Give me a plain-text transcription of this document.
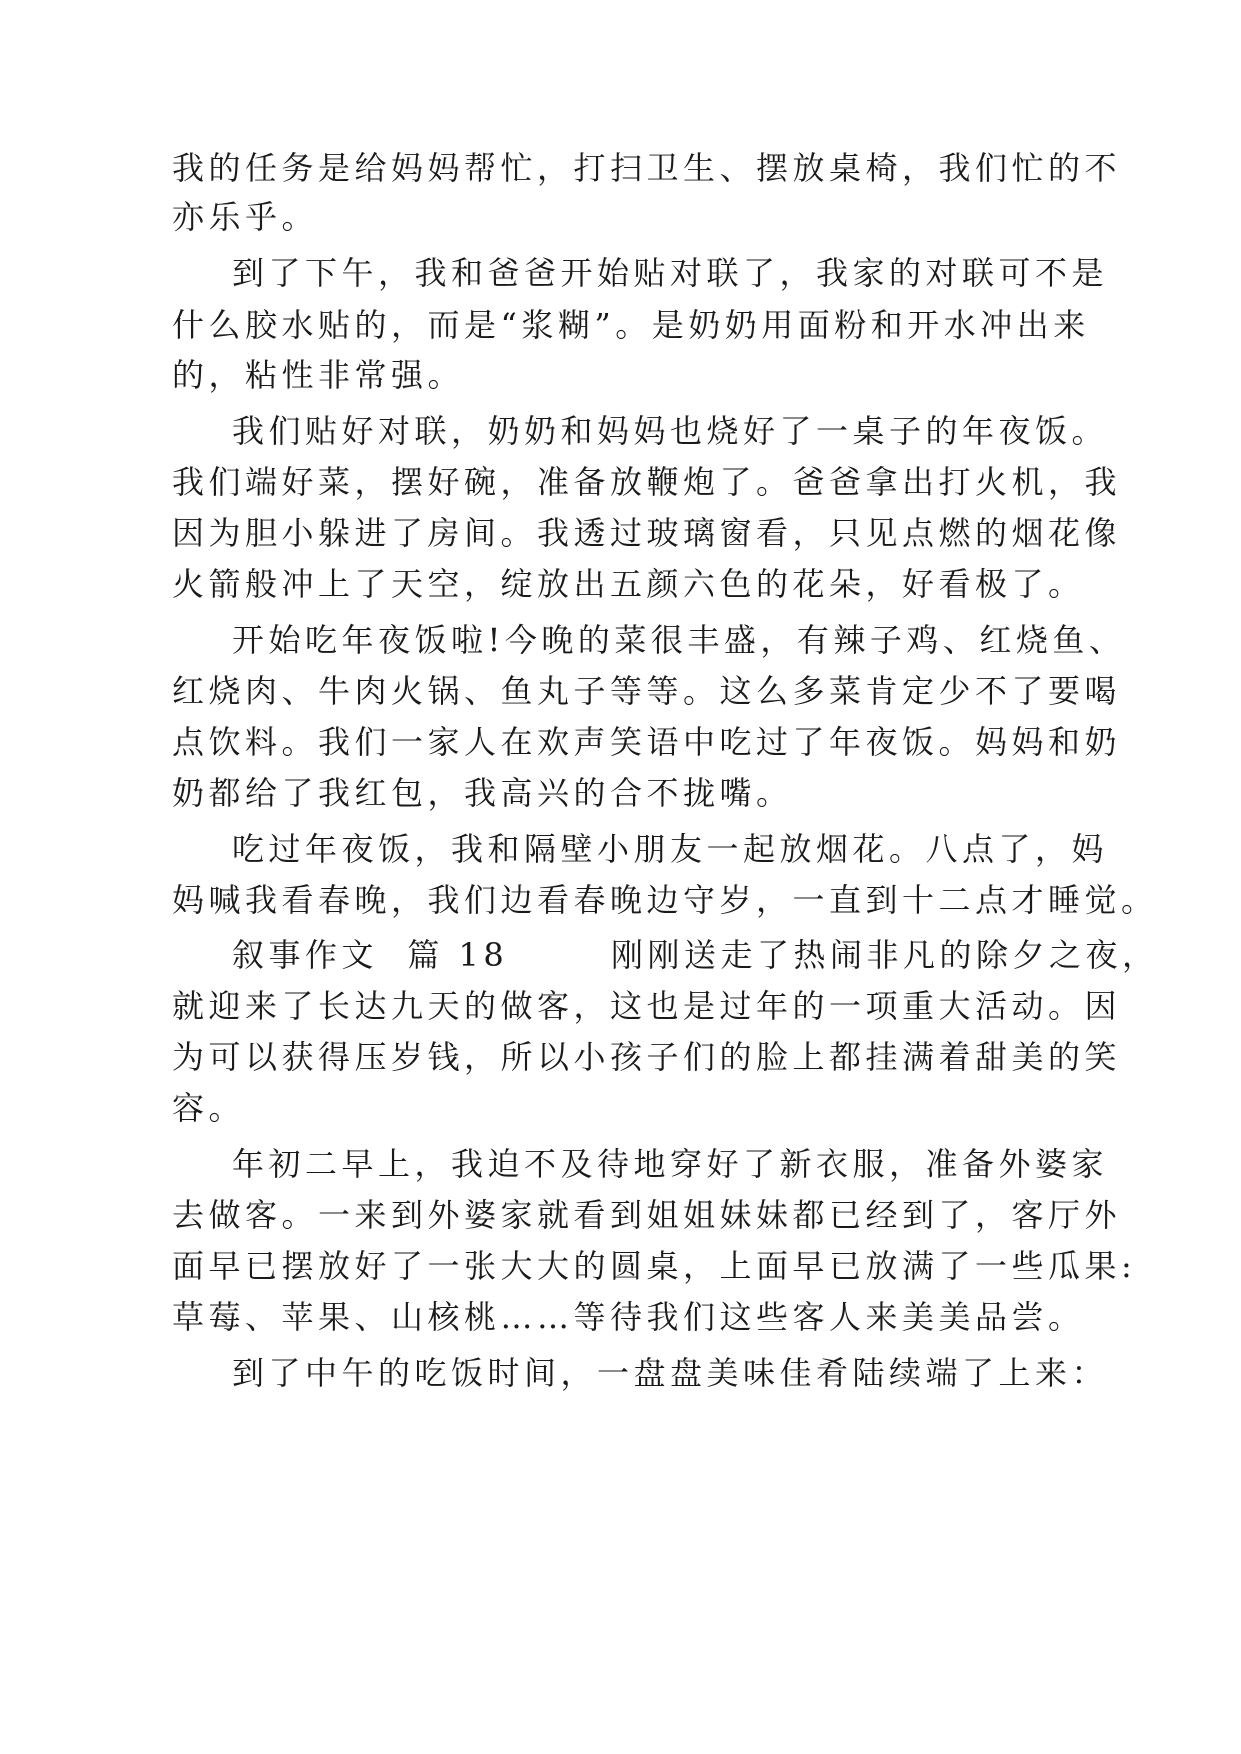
我的任务是给妈妈帮忙，打扫卫生、摆放桌椅，我们忙的不

亦乐乎。

到了下午，我和爸爸开始贴对联了，我家的对联可不是

什么胶水贴的，而是“浆糊”。是奶奶用面粉和开水冲出来

的，粘性非常强。

我们贴好对联，奶奶和妈妈也烧好了一桌子的年夜饭。

我们端好菜，摆好碗，准备放鞭炮了。爸爸拿出打火机，我

因为胆小躲进了房间。我透过玻璃窗看，只见点燃的烟花像

火箭般冲上了天空，绽放出五颜六色的花朵，好看极了。

开始吃年夜饭啦!今晚的菜很丰盛，有辣子鸡、红烧鱼、

红烧肉、牛肉火锅、鱼丸子等等。这么多菜肯定少不了要喝

点饮料。我们一家人在欢声笑语中吃过了年夜饭。妈妈和奶

奶都给了我红包，我高兴的合不拢嘴。

吃过年夜饭，我和隔壁小朋友一起放烟花。八点了，妈

妈喊我看春晚，我们边看春晚边守岁，一直到十二点才睡觉。

叙事作文  篇 18       刚刚送走了热闹非凡的除夕之夜，

就迎来了长达九天的做客，这也是过年的一项重大活动。因

为可以获得压岁钱，所以小孩子们的脸上都挂满着甜美的笑

容。

年初二早上，我迫不及待地穿好了新衣服，准备外婆家

去做客。一来到外婆家就看到姐姐妹妹都已经到了，客厅外

面早已摆放好了一张大大的圆桌，上面早已放满了一些瓜果:

草莓、苹果、山核桃……等待我们这些客人来美美品尝。

到了中午的吃饭时间，一盘盘美味佳肴陆续端了上来：
